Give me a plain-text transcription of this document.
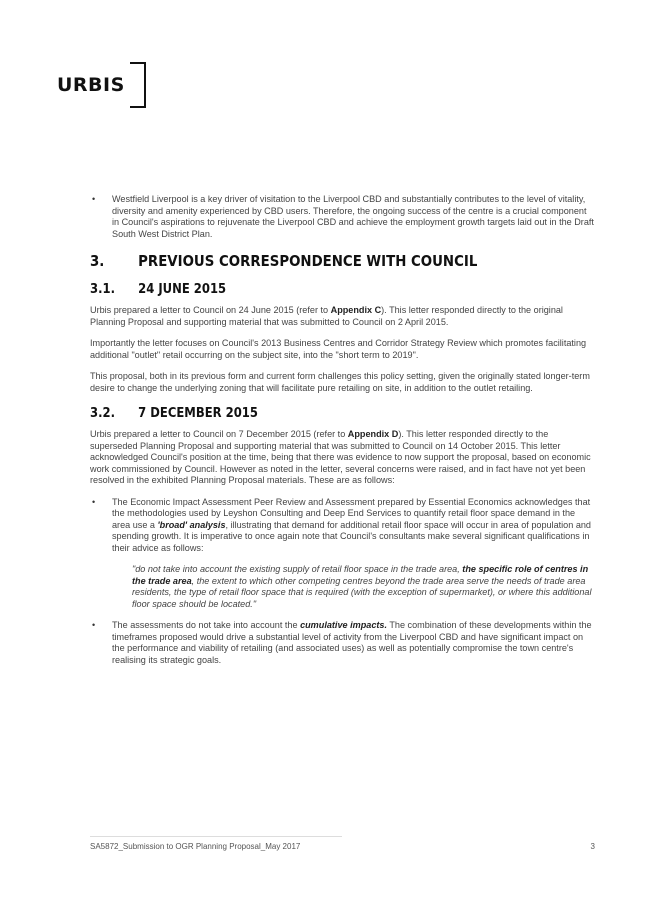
URBIS
• Westfield Liverpool is a key driver of visitation to the Liverpool CBD and substantially contributes to the level of vitality, diversity and amenity experienced by CBD users. Therefore, the ongoing success of the centre is a crucial component in Council's aspirations to rejuvenate the Liverpool CBD and achieve the employment growth targets laid out in the Draft South West District Plan.

3.	PREVIOUS CORRESPONDENCE WITH COUNCIL
3.1.	24 JUNE 2015

Urbis prepared a letter to Council on 24 June 2015 (refer to Appendix C). This letter responded directly to the original Planning Proposal and supporting material that was submitted to Council on 2 April 2015.

Importantly the letter focuses on Council's 2013 Business Centres and Corridor Strategy Review which promotes facilitating additional "outlet" retail occurring on the subject site, into the "short term to 2019".

This proposal, both in its previous form and current form challenges this policy setting, given the originally stated longer-term desire to change the underlying zoning that will facilitate pure retailing on site, in addition to the outlet retailing.

3.2.	7 DECEMBER 2015

Urbis prepared a letter to Council on 7 December 2015 (refer to Appendix D). This letter responded directly to the superseded Planning Proposal and supporting material that was submitted to Council on 14 October 2015. This letter acknowledged Council's position at the time, being that there was evidence to now support the proposal, based on economic work commissioned by Council. However as noted in the letter, several concerns were raised, and in fact have not yet been resolved in the exhibited Planning Proposal materials. These are as follows:

• The Economic Impact Assessment Peer Review and Assessment prepared by Essential Economics acknowledges that the methodologies used by Leyshon Consulting and Deep End Services to quantify retail floor space demand in the area use a 'broad' analysis, illustrating that demand for additional retail floor space will occur in area of population and spending growth. It is imperative to once again note that Council's consultants make several significant qualifications in their advice as follows:

"do not take into account the existing supply of retail floor space in the trade area, the specific role of centres in the trade area, the extent to which other competing centres beyond the trade area serve the needs of trade area residents, the type of retail floor space that is required (with the exception of supermarket), or where this additional floor space should be located."

• The assessments do not take into account the cumulative impacts. The combination of these developments within the timeframes proposed would drive a substantial level of activity from the Liverpool CBD and have significant impact on the performance and viability of retailing (and associated uses) as well as potentially compromise the town centre's realising its strategic goals.

SA5872_Submission to OGR Planning Proposal_May 2017	3
